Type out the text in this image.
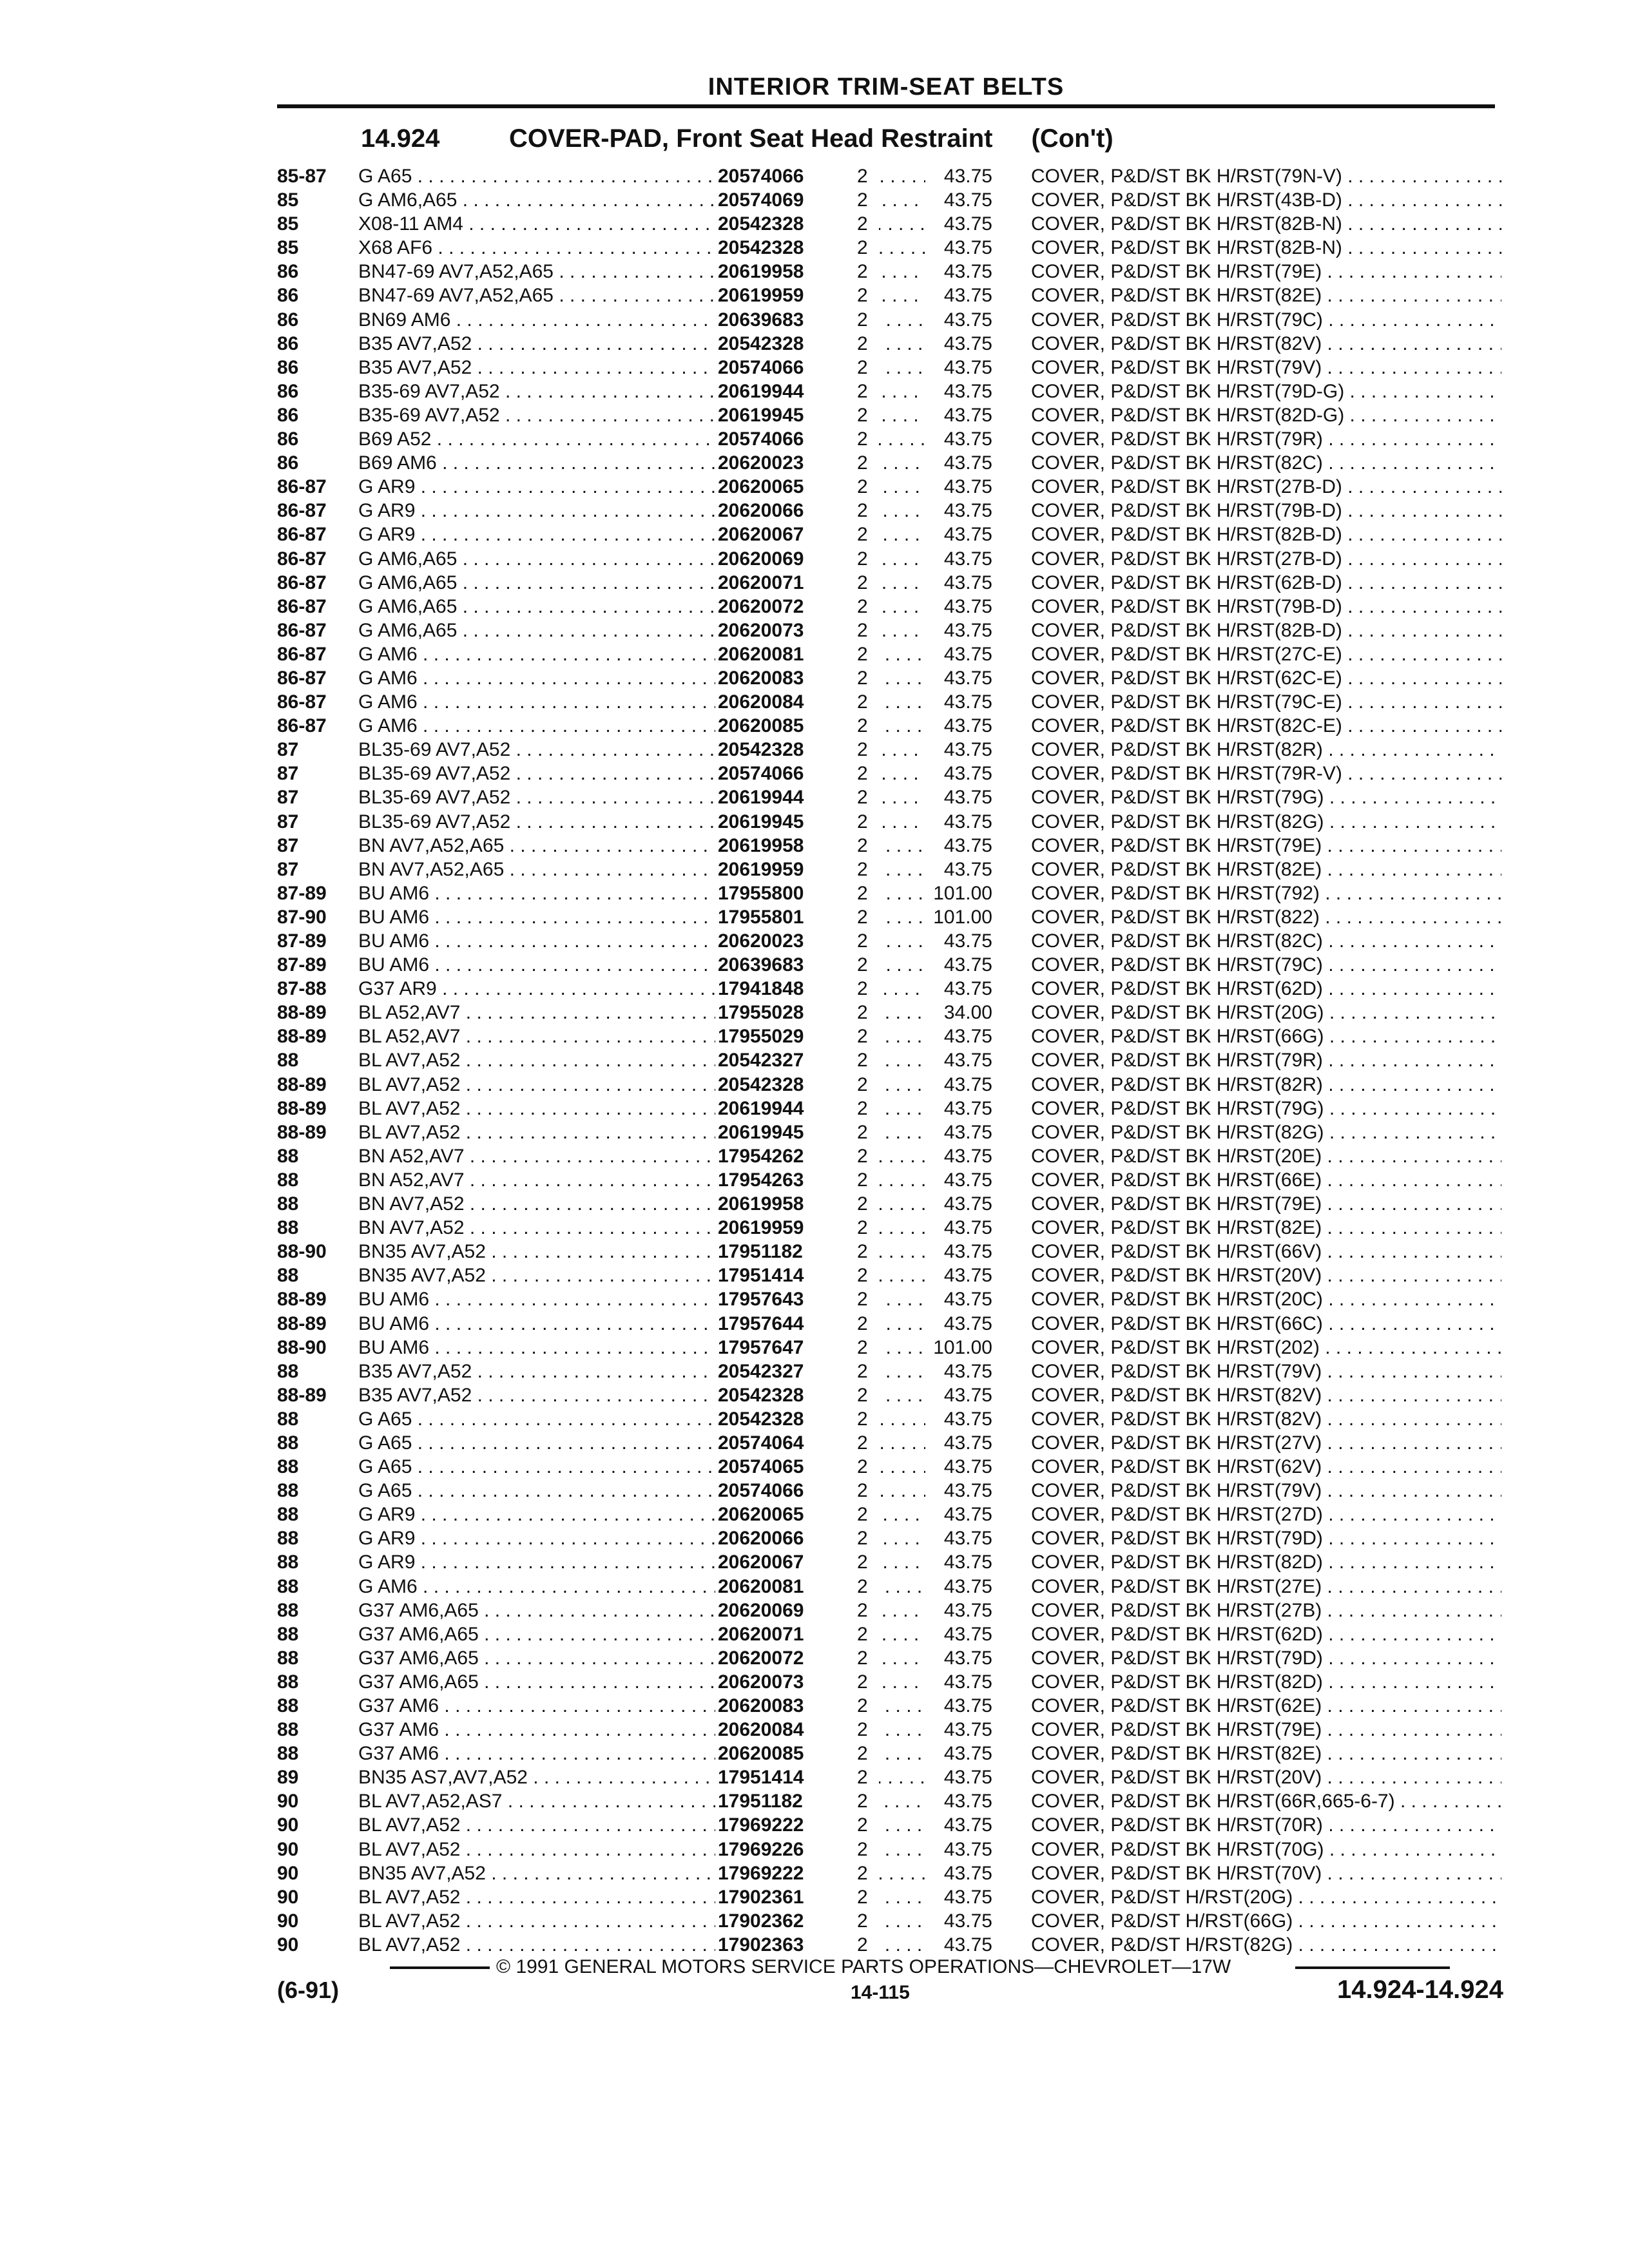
INTERIOR TRIM-SEAT BELTS
14.924	COVER-PAD, Front Seat Head Restraint (Con't)
85-87	G A65 . . .	20574066	2	43.75 COVER, P&D/ST BK H/RST(79N-V) . . .
85	G AM6,A65 . . .	20574069	2	43.75 COVER, P&D/ST BK H/RST(43B-D) . . .
85	X08-11 AM4 . . .	20542328	2	43.75 COVER, P&D/ST BK H/RST(82B-N) . . .
85	X68 AF6 . . .	20542328	2	43.75 COVER, P&D/ST BK H/RST(82B-N) . . .
86	BN47-69 AV7,A52,A65 . . .	20619958	2	43.75 COVER, P&D/ST BK H/RST(79E) . . .
86	BN47-69 AV7,A52,A65 . . .	20619959	2	43.75 COVER, P&D/ST BK H/RST(82E) . . .
86	BN69 AM6 . . .	20639683	2	43.75 COVER, P&D/ST BK H/RST(79C) . . .
86	B35 AV7,A52 . . .	20542328	2	43.75 COVER, P&D/ST BK H/RST(82V) . . .
86	B35 AV7,A52 . . .	20574066	2	43.75 COVER, P&D/ST BK H/RST(79V) . . .
86	B35-69 AV7,A52 . . .	20619944	2	43.75 COVER, P&D/ST BK H/RST(79D-G) . . .
86	B35-69 AV7,A52 . . .	20619945	2	43.75 COVER, P&D/ST BK H/RST(82D-G) . . .
86	B69 A52 . . .	20574066	2	43.75 COVER, P&D/ST BK H/RST(79R) . . .
86	B69 AM6 . . .	20620023	2	43.75 COVER, P&D/ST BK H/RST(82C) . . .
86-87	G AR9 . . .	20620065	2	43.75 COVER, P&D/ST BK H/RST(27B-D) . . .
86-87	G AR9 . . .	20620066	2	43.75 COVER, P&D/ST BK H/RST(79B-D) . . .
86-87	G AR9 . . .	20620067	2	43.75 COVER, P&D/ST BK H/RST(82B-D) . . .
86-87	G AM6,A65 . . .	20620069	2	43.75 COVER, P&D/ST BK H/RST(27B-D) . . .
86-87	G AM6,A65 . . .	20620071	2	43.75 COVER, P&D/ST BK H/RST(62B-D) . . .
86-87	G AM6,A65 . . .	20620072	2	43.75 COVER, P&D/ST BK H/RST(79B-D) . . .
86-87	G AM6,A65 . . .	20620073	2	43.75 COVER, P&D/ST BK H/RST(82B-D) . . .
86-87	G AM6 . . .	20620081	2	43.75 COVER, P&D/ST BK H/RST(27C-E) . . .
86-87	G AM6 . . .	20620083	2	43.75 COVER, P&D/ST BK H/RST(62C-E) . . .
86-87	G AM6 . . .	20620084	2	43.75 COVER, P&D/ST BK H/RST(79C-E) . . .
86-87	G AM6 . . .	20620085	2	43.75 COVER, P&D/ST BK H/RST(82C-E) . . .
87	BL35-69 AV7,A52 . . .	20542328	2	43.75 COVER, P&D/ST BK H/RST(82R) . . .
87	BL35-69 AV7,A52 . . .	20574066	2	43.75 COVER, P&D/ST BK H/RST(79R-V) . . .
87	BL35-69 AV7,A52 . . .	20619944	2	43.75 COVER, P&D/ST BK H/RST(79G) . . .
87	BL35-69 AV7,A52 . . .	20619945	2	43.75 COVER, P&D/ST BK H/RST(82G) . . .
87	BN AV7,A52,A65 . . .	20619958	2	43.75 COVER, P&D/ST BK H/RST(79E) . . .
87	BN AV7,A52,A65 . . .	20619959	2	43.75 COVER, P&D/ST BK H/RST(82E) . . .
87-89	BU AM6 . . .	17955800	2	101.00 COVER, P&D/ST BK H/RST(792) . . .
87-90	BU AM6 . . .	17955801	2	101.00 COVER, P&D/ST BK H/RST(822) . . .
87-89	BU AM6 . . .	20620023	2	43.75 COVER, P&D/ST BK H/RST(82C) . . .
87-89	BU AM6 . . .	20639683	2	43.75 COVER, P&D/ST BK H/RST(79C) . . .
87-88	G37 AR9 . . .	17941848	2	43.75 COVER, P&D/ST BK H/RST(62D) . . .
88-89	BL A52,AV7 . . .	17955028	2	34.00 COVER, P&D/ST BK H/RST(20G) . . .
88-89	BL A52,AV7 . . .	17955029	2	43.75 COVER, P&D/ST BK H/RST(66G) . . .
88	BL AV7,A52 . . .	20542327	2	43.75 COVER, P&D/ST BK H/RST(79R) . . .
88-89	BL AV7,A52 . . .	20542328	2	43.75 COVER, P&D/ST BK H/RST(82R) . . .
88-89	BL AV7,A52 . . .	20619944	2	43.75 COVER, P&D/ST BK H/RST(79G) . . .
88-89	BL AV7,A52 . . .	20619945	2	43.75 COVER, P&D/ST BK H/RST(82G) . . .
88	BN A52,AV7 . . .	17954262	2	43.75 COVER, P&D/ST BK H/RST(20E) . . .
88	BN A52,AV7 . . .	17954263	2	43.75 COVER, P&D/ST BK H/RST(66E) . . .
88	BN AV7,A52 . . .	20619958	2	43.75 COVER, P&D/ST BK H/RST(79E) . . .
88	BN AV7,A52 . . .	20619959	2	43.75 COVER, P&D/ST BK H/RST(82E) . . .
88-90	BN35 AV7,A52 . . .	17951182	2	43.75 COVER, P&D/ST BK H/RST(66V) . . .
88	BN35 AV7,A52 . . .	17951414	2	43.75 COVER, P&D/ST BK H/RST(20V) . . .
88-89	BU AM6 . . .	17957643	2	43.75 COVER, P&D/ST BK H/RST(20C) . . .
88-89	BU AM6 . . .	17957644	2	43.75 COVER, P&D/ST BK H/RST(66C) . . .
88-90	BU AM6 . . .	17957647	2	101.00 COVER, P&D/ST BK H/RST(202) . . .
88	B35 AV7,A52 . . .	20542327	2	43.75 COVER, P&D/ST BK H/RST(79V) . . .
88-89	B35 AV7,A52 . . .	20542328	2	43.75 COVER, P&D/ST BK H/RST(82V) . . .
88	G A65 . . .	20542328	2	43.75 COVER, P&D/ST BK H/RST(82V) . . .
88	G A65 . . .	20574064	2	43.75 COVER, P&D/ST BK H/RST(27V) . . .
88	G A65 . . .	20574065	2	43.75 COVER, P&D/ST BK H/RST(62V) . . .
88	G A65 . . .	20574066	2	43.75 COVER, P&D/ST BK H/RST(79V) . . .
88	G AR9 . . .	20620065	2	43.75 COVER, P&D/ST BK H/RST(27D) . . .
88	G AR9 . . .	20620066	2	43.75 COVER, P&D/ST BK H/RST(79D) . . .
88	G AR9 . . .	20620067	2	43.75 COVER, P&D/ST BK H/RST(82D) . . .
88	G AM6 . . .	20620081	2	43.75 COVER, P&D/ST BK H/RST(27E) . . .
88	G37 AM6,A65 . . .	20620069	2	43.75 COVER, P&D/ST BK H/RST(27B) . . .
88	G37 AM6,A65 . . .	20620071	2	43.75 COVER, P&D/ST BK H/RST(62D) . . .
88	G37 AM6,A65 . . .	20620072	2	43.75 COVER, P&D/ST BK H/RST(79D) . . .
88	G37 AM6,A65 . . .	20620073	2	43.75 COVER, P&D/ST BK H/RST(82D) . . .
88	G37 AM6 . . .	20620083	2	43.75 COVER, P&D/ST BK H/RST(62E) . . .
88	G37 AM6 . . .	20620084	2	43.75 COVER, P&D/ST BK H/RST(79E) . . .
88	G37 AM6 . . .	20620085	2	43.75 COVER, P&D/ST BK H/RST(82E) . . .
89	BN35 AS7,AV7,A52 . . .	17951414	2	43.75 COVER, P&D/ST BK H/RST(20V) . . .
90	BL AV7,A52,AS7 . . .	17951182	2	43.75 COVER, P&D/ST BK H/RST(66R,665-6-7) . . .
90	BL AV7,A52 . . .	17969222	2	43.75 COVER, P&D/ST BK H/RST(70R) . . .
90	BL AV7,A52 . . .	17969226	2	43.75 COVER, P&D/ST BK H/RST(70G) . . .
90	BN35 AV7,A52 . . .	17969222	2	43.75 COVER, P&D/ST BK H/RST(70V) . . .
90	BL AV7,A52 . . .	17902361	2	43.75 COVER, P&D/ST H/RST(20G) . . .
90	BL AV7,A52 . . .	17902362	2	43.75 COVER, P&D/ST H/RST(66G) . . .
90	BL AV7,A52 . . .	17902363	2	43.75 COVER, P&D/ST H/RST(82G) . . .
© 1991 GENERAL MOTORS SERVICE PARTS OPERATIONS—CHEVROLET—17W
(6-91)	14-115	14.924-14.924
